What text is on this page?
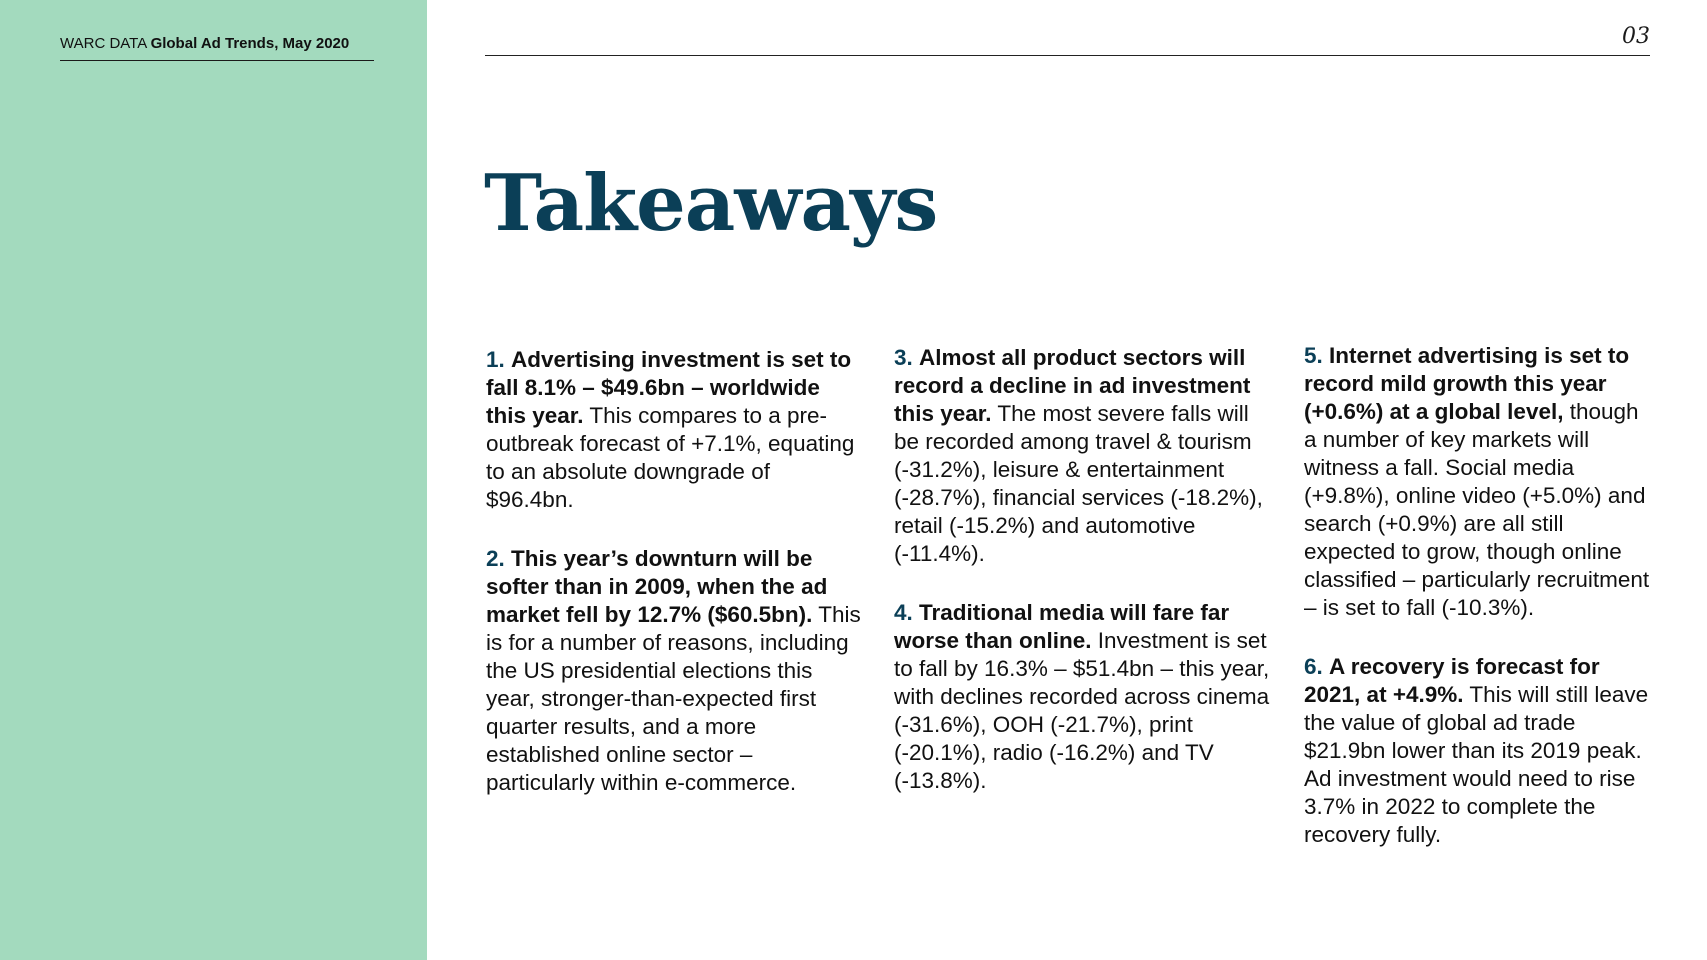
WARC DATA Global Ad Trends, May 2020	03
Takeaways

1. Advertising investment is set to fall 8.1% – $49.6bn – worldwide this year. This compares to a pre-outbreak forecast of +7.1%, equating to an absolute downgrade of $96.4bn.

2. This year’s downturn will be softer than in 2009, when the ad market fell by 12.7% ($60.5bn). This is for a number of reasons, including the US presidential elections this year, stronger-than-expected first quarter results, and a more established online sector – particularly within e-commerce.

3. Almost all product sectors will record a decline in ad investment this year. The most severe falls will be recorded among travel & tourism (-31.2%), leisure & entertainment (-28.7%), financial services (-18.2%), retail (-15.2%) and automotive (-11.4%).

4. Traditional media will fare far worse than online. Investment is set to fall by 16.3% – $51.4bn – this year, with declines recorded across cinema (-31.6%), OOH (-21.7%), print (-20.1%), radio (-16.2%) and TV (-13.8%).

5. Internet advertising is set to record mild growth this year (+0.6%) at a global level, though a number of key markets will witness a fall. Social media (+9.8%), online video (+5.0%) and search (+0.9%) are all still expected to grow, though online classified – particularly recruitment – is set to fall (-10.3%).

6. A recovery is forecast for 2021, at +4.9%. This will still leave the value of global ad trade $21.9bn lower than its 2019 peak. Ad investment would need to rise 3.7% in 2022 to complete the recovery fully.
